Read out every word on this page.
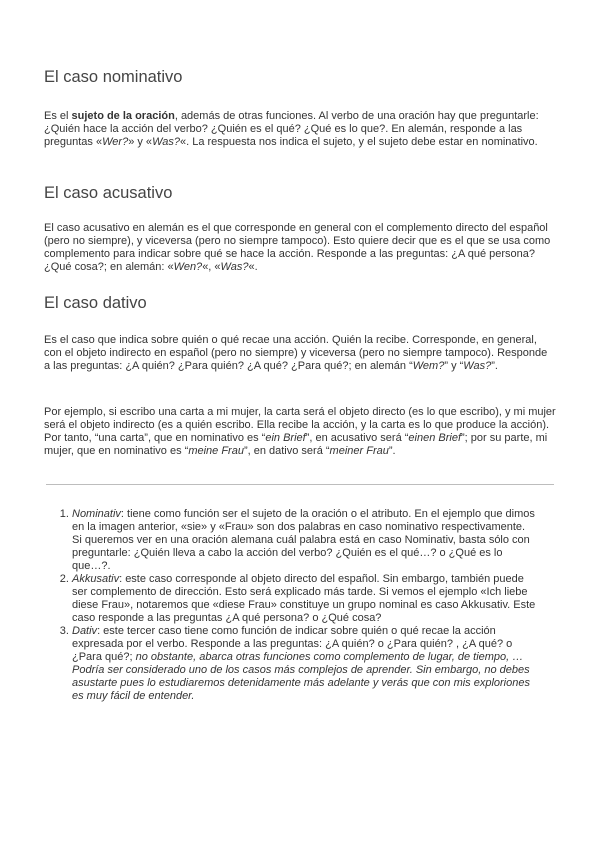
El caso nominativo

Es el sujeto de la oración, además de otras funciones. Al verbo de una oración hay que preguntarle: ¿Quién hace la acción del verbo? ¿Quién es el qué? ¿Qué es lo que?. En alemán, responde a las preguntas «Wer?» y «Was?«. La respuesta nos indica el sujeto, y el sujeto debe estar en nominativo.

El caso acusativo

El caso acusativo en alemán es el que corresponde en general con el complemento directo del español (pero no siempre), y viceversa (pero no siempre tampoco). Esto quiere decir que es el que se usa como complemento para indicar sobre qué se hace la acción. Responde a las preguntas: ¿A qué persona? ¿Qué cosa?; en alemán: «Wen?«, «Was?«.

El caso dativo

Es el caso que indica sobre quién o qué recae una acción. Quién la recibe. Corresponde, en general, con el objeto indirecto en español (pero no siempre) y viceversa (pero no siempre tampoco). Responde a las preguntas: ¿A quién? ¿Para quién? ¿A qué? ¿Para qué?; en alemán “Wem?” y “Was?”.

Por ejemplo, si escribo una carta a mi mujer, la carta será el objeto directo (es lo que escribo), y mi mujer será el objeto indirecto (es a quién escribo. Ella recibe la acción, y la carta es lo que produce la acción). Por tanto, “una carta”, que en nominativo es “ein Brief”, en acusativo será “einen Brief”; por su parte, mi mujer, que en nominativo es “meine Frau”, en dativo será “meiner Frau”.

1. Nominativ: tiene como función ser el sujeto de la oración o el atributo. En el ejemplo que dimos en la imagen anterior, «sie» y «Frau» son dos palabras en caso nominativo respectivamente. Si queremos ver en una oración alemana cuál palabra está en caso Nominativ, basta sólo con preguntarle: ¿Quién lleva a cabo la acción del verbo? ¿Quién es el qué…? o ¿Qué es lo que…?.
2. Akkusativ: este caso corresponde al objeto directo del español. Sin embargo, también puede ser complemento de dirección. Esto será explicado más tarde. Si vemos el ejemplo «Ich liebe diese Frau», notaremos que «diese Frau» constituye un grupo nominal es caso Akkusativ. Este caso responde a las preguntas ¿A qué persona? o ¿Qué cosa?
3. Dativ: este tercer caso tiene como función de indicar sobre quién o qué recae la acción expresada por el verbo. Responde a las preguntas: ¿A quién? o ¿Para quién? , ¿A qué? o ¿Para qué?; no obstante, abarca otras funciones como complemento de lugar, de tiempo, …Podría ser considerado uno de los casos más complejos de aprender. Sin embargo, no debes asustarte pues lo estudiaremos detenidamente más adelante y verás que con mis exploriones es muy fácil de entender.
